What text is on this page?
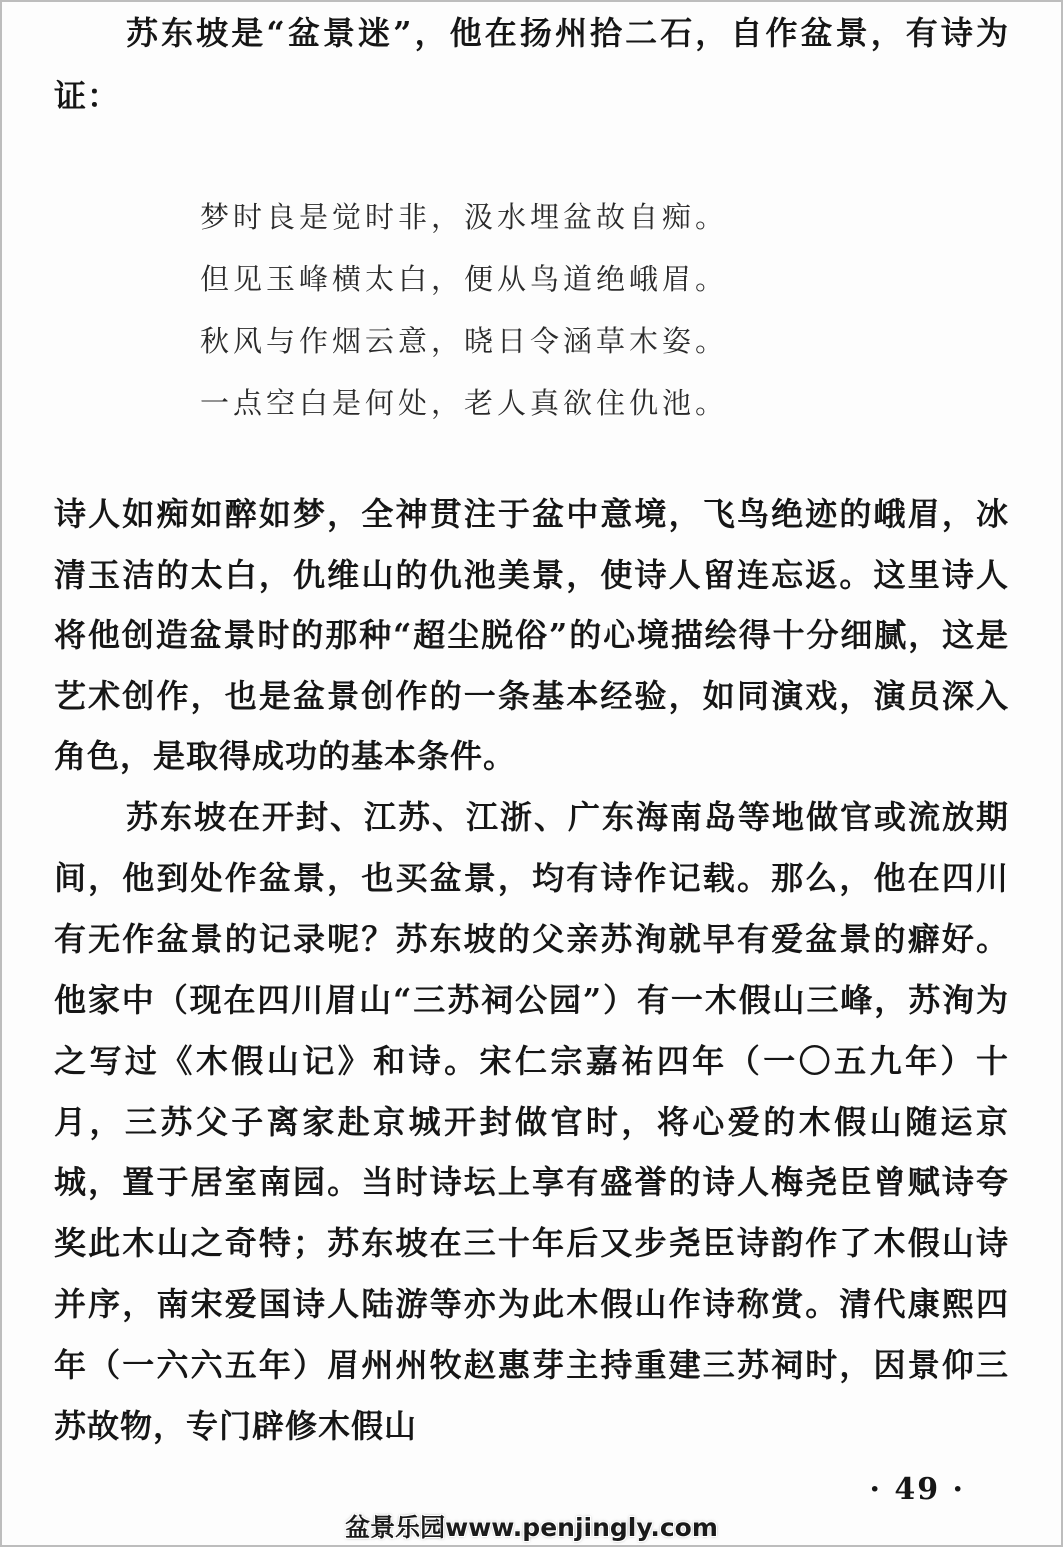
苏东坡是“盆景迷”，他在扬州拾二石，自作盆景，有诗为证：

梦时良是觉时非，汲水埋盆故自痴。
但见玉峰横太白，便从鸟道绝峨眉。
秋风与作烟云意，晓日令涵草木姿。
一点空白是何处，老人真欲住仇池。

诗人如痴如醉如梦，全神贯注于盆中意境，飞鸟绝迹的峨眉，冰清玉洁的太白，仇维山的仇池美景，使诗人留连忘返。这里诗人将他创造盆景时的那种“超尘脱俗”的心境描绘得十分细腻，这是艺术创作，也是盆景创作的一条基本经验，如同演戏，演员深入角色，是取得成功的基本条件。

苏东坡在开封、江苏、江浙、广东海南岛等地做官或流放期间，他到处作盆景，也买盆景，均有诗作记载。那么，他在四川有无作盆景的记录呢？苏东坡的父亲苏洵就早有爱盆景的癖好。他家中（现在四川眉山“三苏祠公园”）有一木假山三峰，苏洵为之写过《木假山记》和诗。宋仁宗嘉祐四年（一〇五九年）十月，三苏父子离家赴京城开封做官时，将心爱的木假山随运京城，置于居室南园。当时诗坛上享有盛誉的诗人梅尧臣曾赋诗夸奖此木山之奇特；苏东坡在三十年后又步尧臣诗韵作了木假山诗并序，南宋爱国诗人陆游等亦为此木假山作诗称赏。清代康熙四年（一六六五年）眉州州牧赵惠芽主持重建三苏祠时，因景仰三苏故物，专门辟修木假山

· 49 ·
盆景乐园www.penjingly.com
